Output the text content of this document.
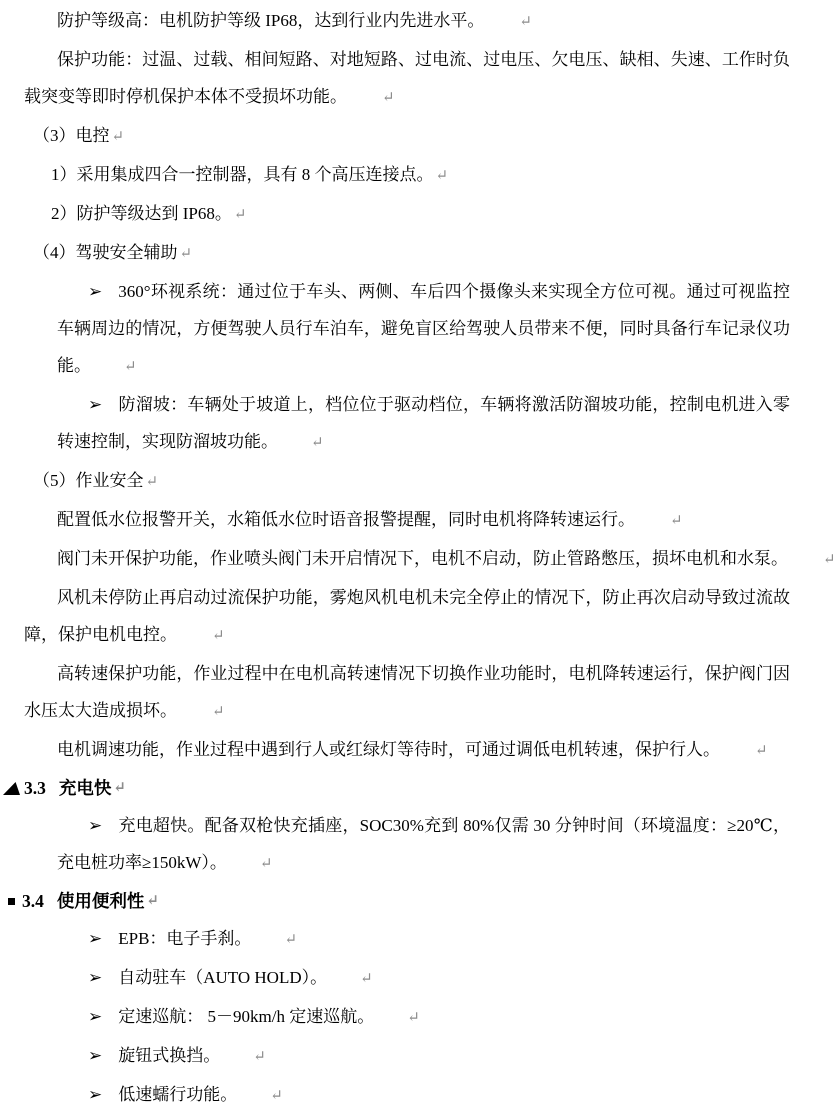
防护等级高：电机防护等级 IP68，达到行业内先进水平。 ↵

保护功能：过温、过载、相间短路、对地短路、过电流、过电压、欠电压、缺相、失速、工作时负载突变等即时停机保护本体不受损坏功能。 ↵

（3）电控 ↵

1）采用集成四合一控制器，具有 8 个高压连接点。 ↵

2）防护等级达到 IP68。 ↵

（4）驾驶安全辅助 ↵

➢ 360°环视系统：通过位于车头、两侧、车后四个摄像头来实现全方位可视。通过可视监控车辆周边的情况，方便驾驶人员行车泊车，避免盲区给驾驶人员带来不便，同时具备行车记录仪功能。 ↵

➢ 防溜坡：车辆处于坡道上，档位位于驱动档位，车辆将激活防溜坡功能，控制电机进入零转速控制，实现防溜坡功能。 ↵

（5）作业安全 ↵

配置低水位报警开关，水箱低水位时语音报警提醒，同时电机将降转速运行。 ↵

阀门未开保护功能，作业喷头阀门未开启情况下，电机不启动，防止管路憋压，损坏电机和水泵。 ↵

风机未停防止再启动过流保护功能，雾炮风机电机未完全停止的情况下，防止再次启动导致过流故障，保护电机电控。 ↵

高转速保护功能，作业过程中在电机高转速情况下切换作业功能时，电机降转速运行，保护阀门因水压太大造成损坏。 ↵

电机调速功能，作业过程中遇到行人或红绿灯等待时，可通过调低电机转速，保护行人。 ↵

3.3 充电快 ↵

➢ 充电超快。配备双枪快充插座，SOC30%充到 80%仅需 30 分钟时间（环境温度：≥20℃，充电桩功率≥150kW）。 ↵

3.4 使用便利性 ↵

➢ EPB：电子手刹。 ↵

➢ 自动驻车（AUTO HOLD）。 ↵

➢ 定速巡航： 5－90km/h 定速巡航。 ↵

➢ 旋钮式换挡。 ↵

➢ 低速蠕行功能。 ↵
